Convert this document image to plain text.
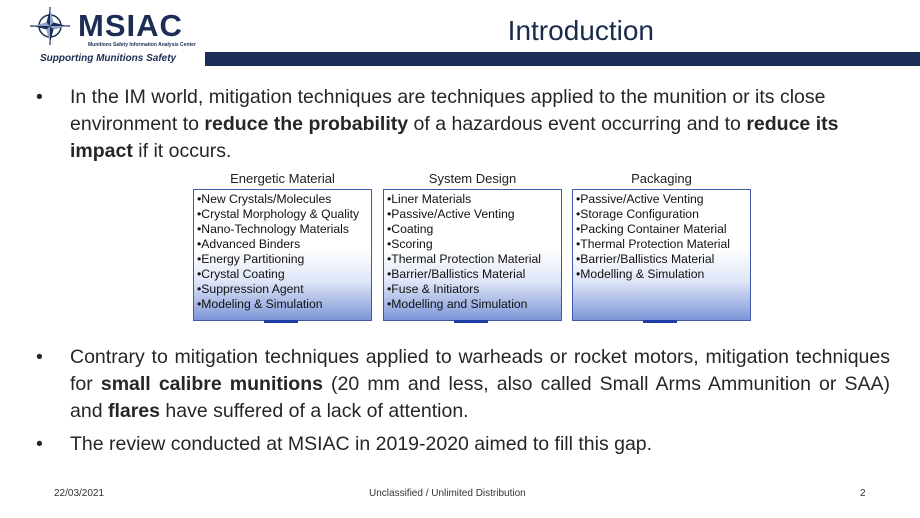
MSIAC
Munitions Safety Information Analysis Center	Introduction
Supporting Munitions Safety
• In the IM world, mitigation techniques are techniques applied to the munition or its close environment to reduce the probability of a hazardous event occurring and to reduce its impact if it occurs.
Energetic Material
• New Crystals/Molecules
• Crystal Morphology & Quality
• Nano-Technology Materials
• Advanced Binders
• Energy Partitioning
• Crystal Coating
• Suppression Agent
• Modeling & Simulation
System Design
• Liner Materials
• Passive/Active Venting
• Coating
• Scoring
• Thermal Protection Material
• Barrier/Ballistics Material
• Fuse & Initiators
• Modelling and Simulation
Packaging
• Passive/Active Venting
• Storage Configuration
• Packing Container Material
• Thermal Protection Material
• Barrier/Ballistics Material
• Modelling & Simulation
• Contrary to mitigation techniques applied to warheads or rocket motors, mitigation techniques for small calibre munitions (20 mm and less, also called Small Arms Ammunition or SAA) and flares have suffered of a lack of attention.
• The review conducted at MSIAC in 2019-2020 aimed to fill this gap.
22/03/2021	Unclassified / Unlimited Distribution	2
